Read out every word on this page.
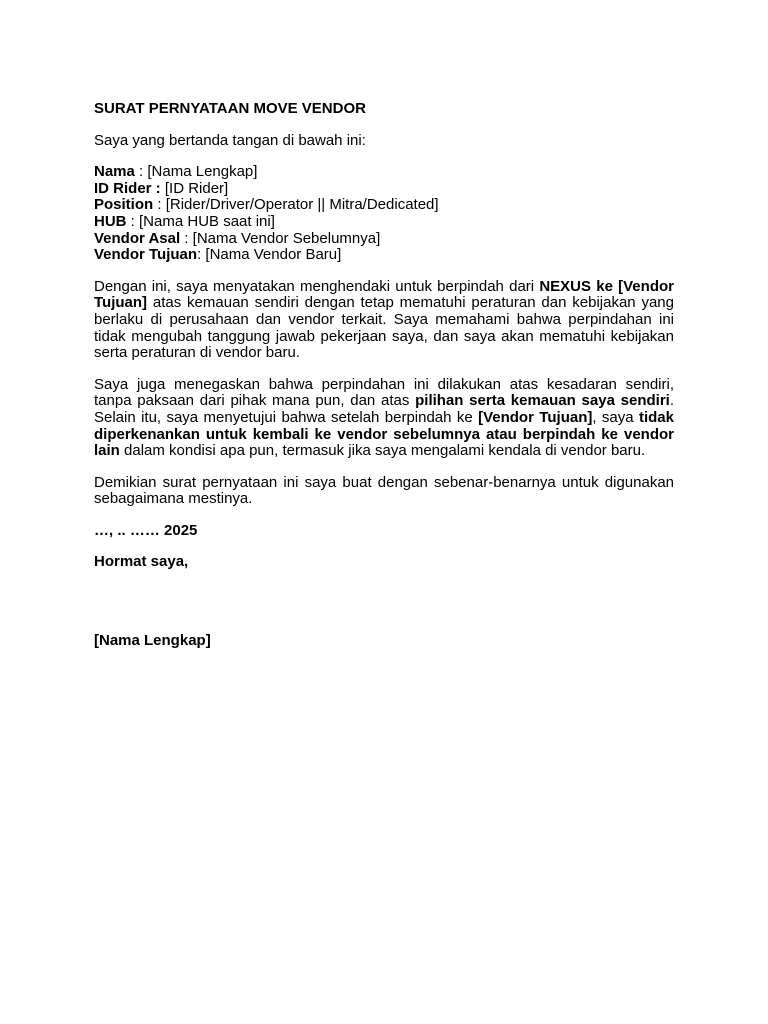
SURAT PERNYATAAN MOVE VENDOR

Saya yang bertanda tangan di bawah ini:

Nama : [Nama Lengkap]
ID Rider : [ID Rider]
Position : [Rider/Driver/Operator || Mitra/Dedicated]
HUB : [Nama HUB saat ini]
Vendor Asal : [Nama Vendor Sebelumnya]
Vendor Tujuan: [Nama Vendor Baru]

Dengan ini, saya menyatakan menghendaki untuk berpindah dari NEXUS ke [Vendor Tujuan] atas kemauan sendiri dengan tetap mematuhi peraturan dan kebijakan yang berlaku di perusahaan dan vendor terkait. Saya memahami bahwa perpindahan ini tidak mengubah tanggung jawab pekerjaan saya, dan saya akan mematuhi kebijakan serta peraturan di vendor baru.

Saya juga menegaskan bahwa perpindahan ini dilakukan atas kesadaran sendiri, tanpa paksaan dari pihak mana pun, dan atas pilihan serta kemauan saya sendiri. Selain itu, saya menyetujui bahwa setelah berpindah ke [Vendor Tujuan], saya tidak diperkenankan untuk kembali ke vendor sebelumnya atau berpindah ke vendor lain dalam kondisi apa pun, termasuk jika saya mengalami kendala di vendor baru.

Demikian surat pernyataan ini saya buat dengan sebenar-benarnya untuk digunakan sebagaimana mestinya.

…, .. …… 2025

Hormat saya,

[Nama Lengkap]
